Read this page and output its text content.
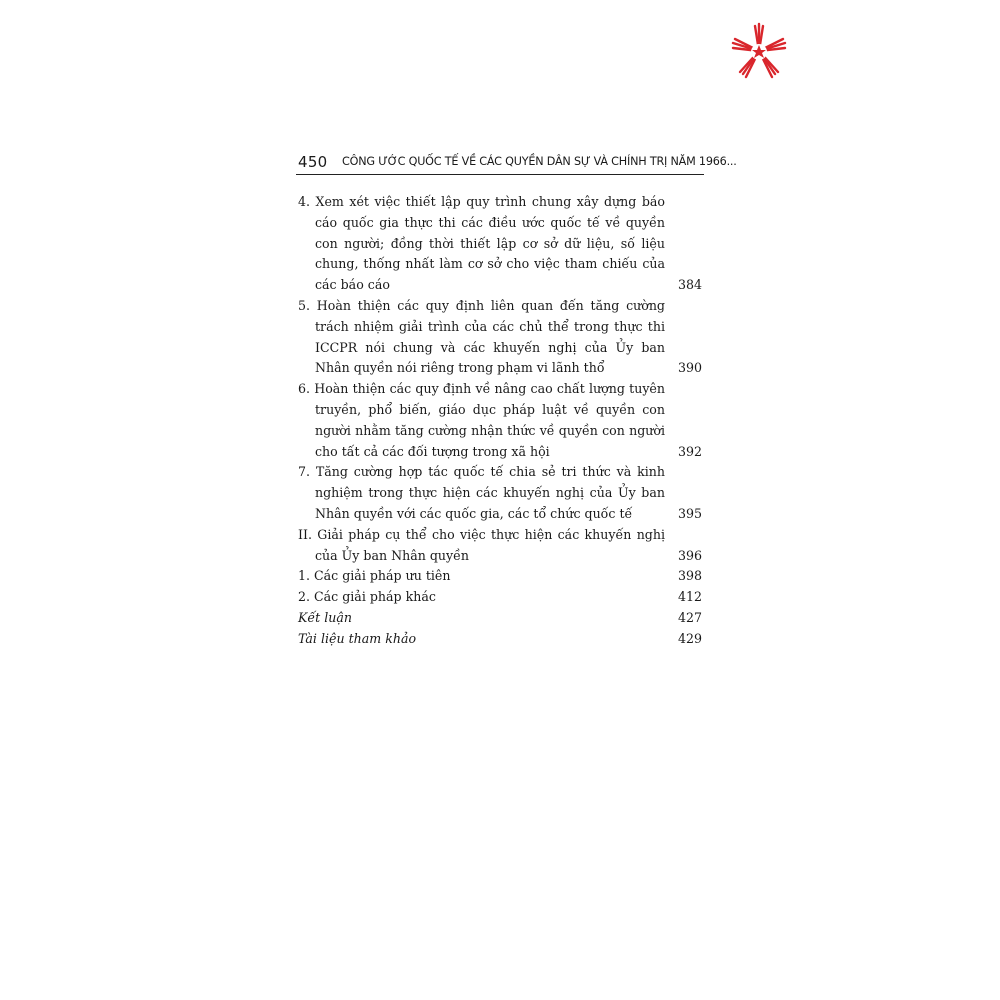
450 CÔNG ƯỚC QUỐC TẾ VỀ CÁC QUYỀN DÂN SỰ VÀ CHÍNH TRỊ NĂM 1966...
4. Xem xét việc thiết lập quy trình chung xây dựng báo cáo quốc gia thực thi các điều ước quốc tế về quyền con người; đồng thời thiết lập cơ sở dữ liệu, số liệu chung, thống nhất làm cơ sở cho việc tham chiếu của các báo cáo	384
5. Hoàn thiện các quy định liên quan đến tăng cường trách nhiệm giải trình của các chủ thể trong thực thi ICCPR nói chung và các khuyến nghị của Ủy ban Nhân quyền nói riêng trong phạm vi lãnh thổ	390
6. Hoàn thiện các quy định về nâng cao chất lượng tuyên truyền, phổ biến, giáo dục pháp luật về quyền con người nhằm tăng cường nhận thức về quyền con người cho tất cả các đối tượng trong xã hội	392
7. Tăng cường hợp tác quốc tế chia sẻ tri thức và kinh nghiệm trong thực hiện các khuyến nghị của Ủy ban Nhân quyền với các quốc gia, các tổ chức quốc tế	395
II. Giải pháp cụ thể cho việc thực hiện các khuyến nghị của Ủy ban Nhân quyền	396
1. Các giải pháp ưu tiên	398
2. Các giải pháp khác	412
Kết luận	427
Tài liệu tham khảo	429
